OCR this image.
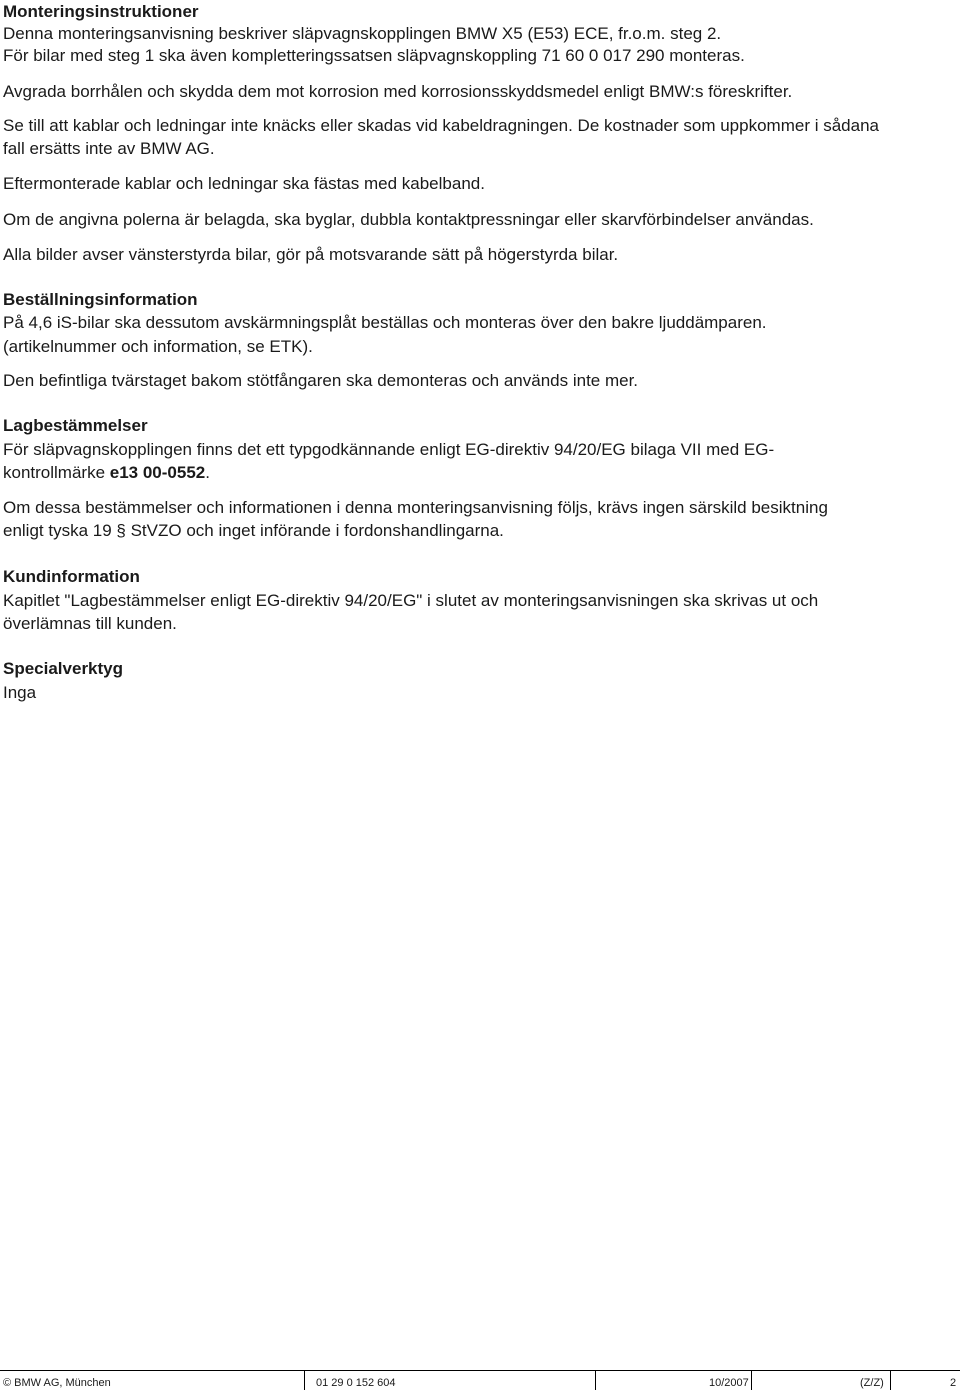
Monteringsinstruktioner
Denna monteringsanvisning beskriver släpvagnskopplingen BMW X5 (E53) ECE, fr.o.m. steg 2.
För bilar med steg 1 ska även kompletteringssatsen släpvagnskoppling 71 60 0 017 290 monteras.
Avgrada borrhålen och skydda dem mot korrosion med korrosionsskyddsmedel enligt BMW:s föreskrifter.
Se till att kablar och ledningar inte knäcks eller skadas vid kabeldragningen. De kostnader som uppkommer i sådana
fall ersätts inte av BMW AG.
Eftermonterade kablar och ledningar ska fästas med kabelband.
Om de angivna polerna är belagda, ska byglar, dubbla kontaktpressningar eller skarvförbindelser användas.
Alla bilder avser vänsterstyrda bilar, gör på motsvarande sätt på högerstyrda bilar.
Beställningsinformation
På 4,6 iS-bilar ska dessutom avskärmningsplåt beställas och monteras över den bakre ljuddämparen.
(artikelnummer och information, se ETK).
Den befintliga tvärstaget bakom stötfångaren ska demonteras och används inte mer.
Lagbestämmelser
För släpvagnskopplingen finns det ett typgodkännande enligt EG-direktiv 94/20/EG bilaga VII med EG-
kontrollmärke e13 00-0552.
Om dessa bestämmelser och informationen i denna monteringsanvisning följs, krävs ingen särskild besiktning
enligt tyska 19 § StVZO och inget införande i fordonshandlingarna.
Kundinformation
Kapitlet "Lagbestämmelser enligt EG-direktiv 94/20/EG" i slutet av monteringsanvisningen ska skrivas ut och
överlämnas till kunden.
Specialverktyg
Inga
© BMW AG, München	01 29 0 152 604	10/2007	(Z/Z)	2
